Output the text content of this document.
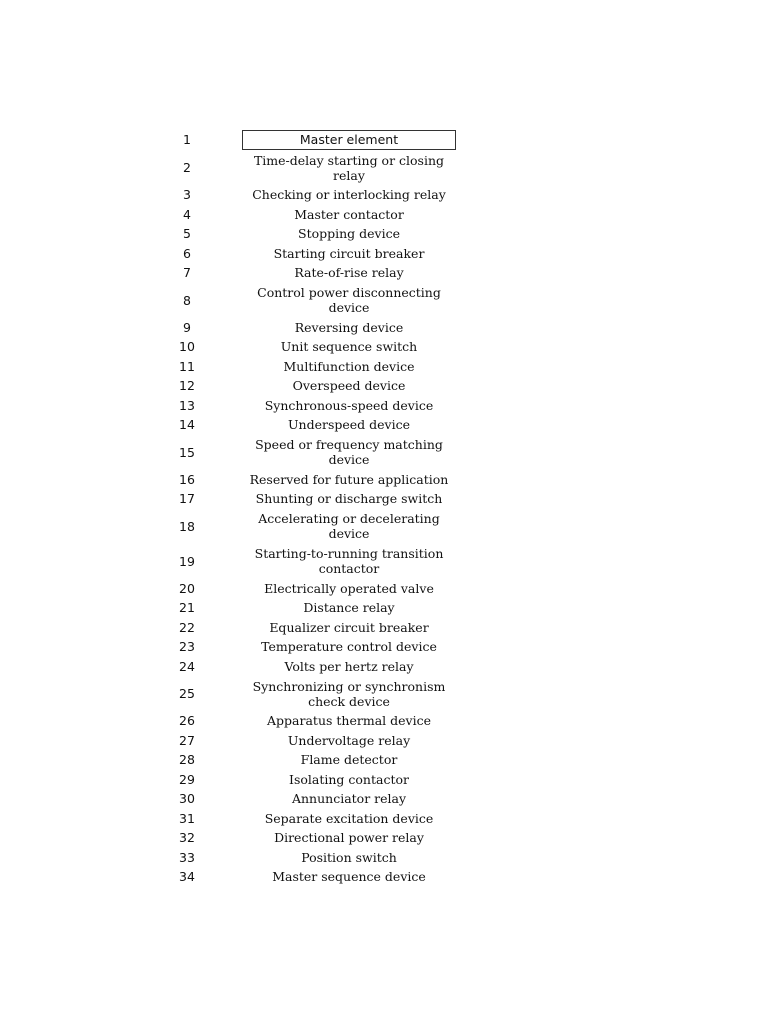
1	Master element
2	Time-delay starting or closing relay
3	Checking or interlocking relay
4	Master contactor
5	Stopping device
6	Starting circuit breaker
7	Rate-of-rise relay
8	Control power disconnecting device
9	Reversing device
10	Unit sequence switch
11	Multifunction device
12	Overspeed device
13	Synchronous-speed device
14	Underspeed device
15	Speed or frequency matching device
16	Reserved for future application
17	Shunting or discharge switch
18	Accelerating or decelerating device
19	Starting-to-running transition contactor
20	Electrically operated valve
21	Distance relay
22	Equalizer circuit breaker
23	Temperature control device
24	Volts per hertz relay
25	Synchronizing or synchronism check device
26	Apparatus thermal device
27	Undervoltage relay
28	Flame detector
29	Isolating contactor
30	Annunciator relay
31	Separate excitation device
32	Directional power relay
33	Position switch
34	Master sequence device
